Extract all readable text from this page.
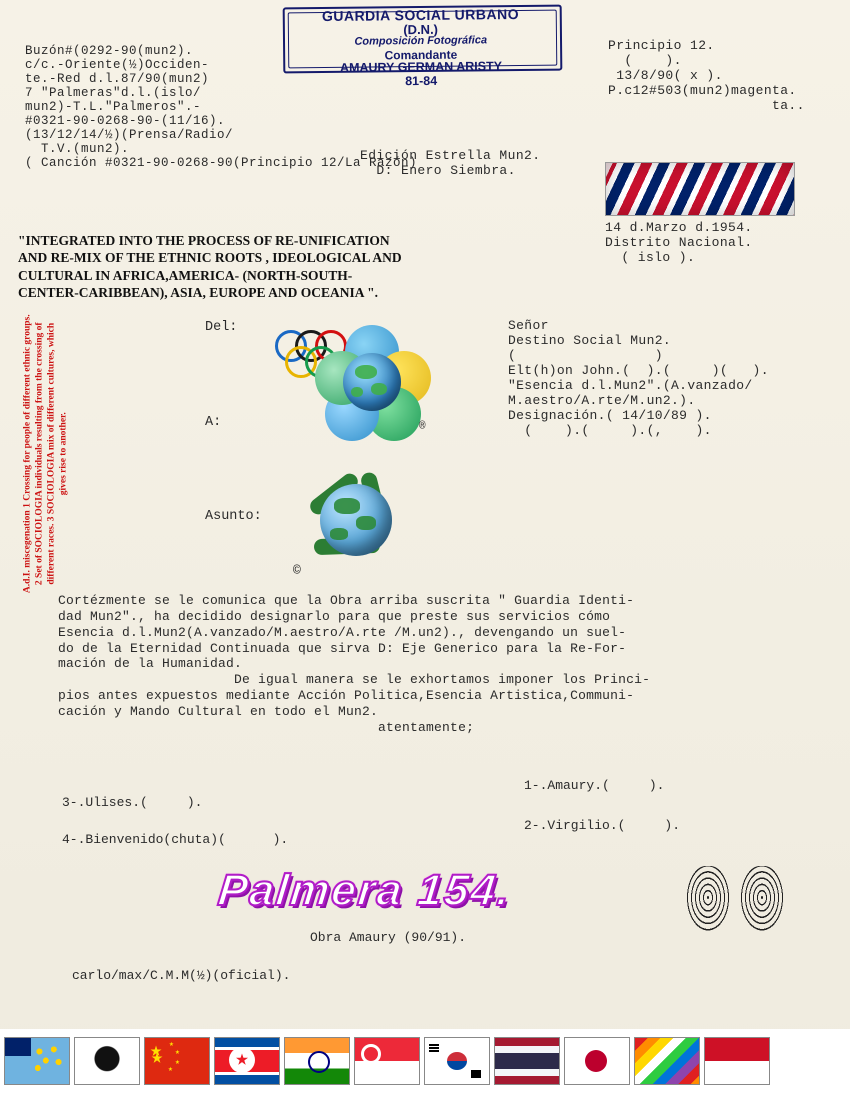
Buzón#(0292-90(mun2).
c/c.-Oriente(½)Occiden-
te.-Red d.l.87/90(mun2)
7 "Palmeras"d.l.(islo/
mun2)-T.L."Palmeros".-
#0321-90-0268-90-(11/16).
(13/12/14/½)(Prensa/Radio/
T.V.(mun2).
( Canción #0321-90-0268-90(Principio 12/La Razón)
GUARDIA SOCIAL URBANO
(D.N.)
Composición Fotográfica
Comandante
AMAURY GERMAN ARISTY
81-84
Edición Estrella Mun2.
D: Enero Siembra.
Principio 12.
(    ).
13/8/90( x ).
P.c12#503(mun2)magenta.
ta..
14 d.Marzo d.1954.
Distrito Nacional.
( islo ).
"INTEGRATED INTO THE PROCESS OF RE-UNIFICATION
AND RE-MIX OF THE ETHNIC ROOTS , IDEOLOGICAL AND
CULTURAL IN AFRICA,AMERICA- (NORTH-SOUTH-
CENTER-CARIBBEAN), ASIA, EUROPE AND OCEANIA ".
A.d.I. miscegenation 1 Crossing for people of different ethnic groups. 2 Set of SOCIOLOGIA individuals resulting from the crossing of different races. 3 SOCIOLOGIA mix of different cultures, which gives rise to another.
Del:
A:
Asunto:
®
©
Señor
Destino Social Mun2.
(                 )
Elt(h)on John.(  ).(     )(   ).
"Esencia d.l.Mun2".(A.vanzado/
M.aestro/A.rte/M.un2.).
Designación.( 14/10/89 ).
(    ).(     ).(,    ).
Cortézmente se le comunica que la Obra arriba suscrita " Guardia Identi-
dad Mun2"., ha decidido designarlo para que preste sus servicios cómo
Esencia d.l.Mun2(A.vanzado/M.aestro/A.rte /M.un2)., devengando un suel-
do de la Eternidad Continuada que sirva D: Eje Generico para la Re-For-
mación de la Humanidad.
De igual manera se le exhortamos imponer los Princi-
pios antes expuestos mediante Acción Politica,Esencia Artistica,Communi-
cación y Mando Cultural en todo el Mun2.
atentamente;
3-.Ulises.(     ).
4-.Bienvenido(chuta)(      ).
1-.Amaury.(     ).
2-.Virgilio.(     ).
Palmera 154.
Obra Amaury (90/91).
carlo/max/C.M.M(½)(oficial).
★ ★
★
★
★
★
★
